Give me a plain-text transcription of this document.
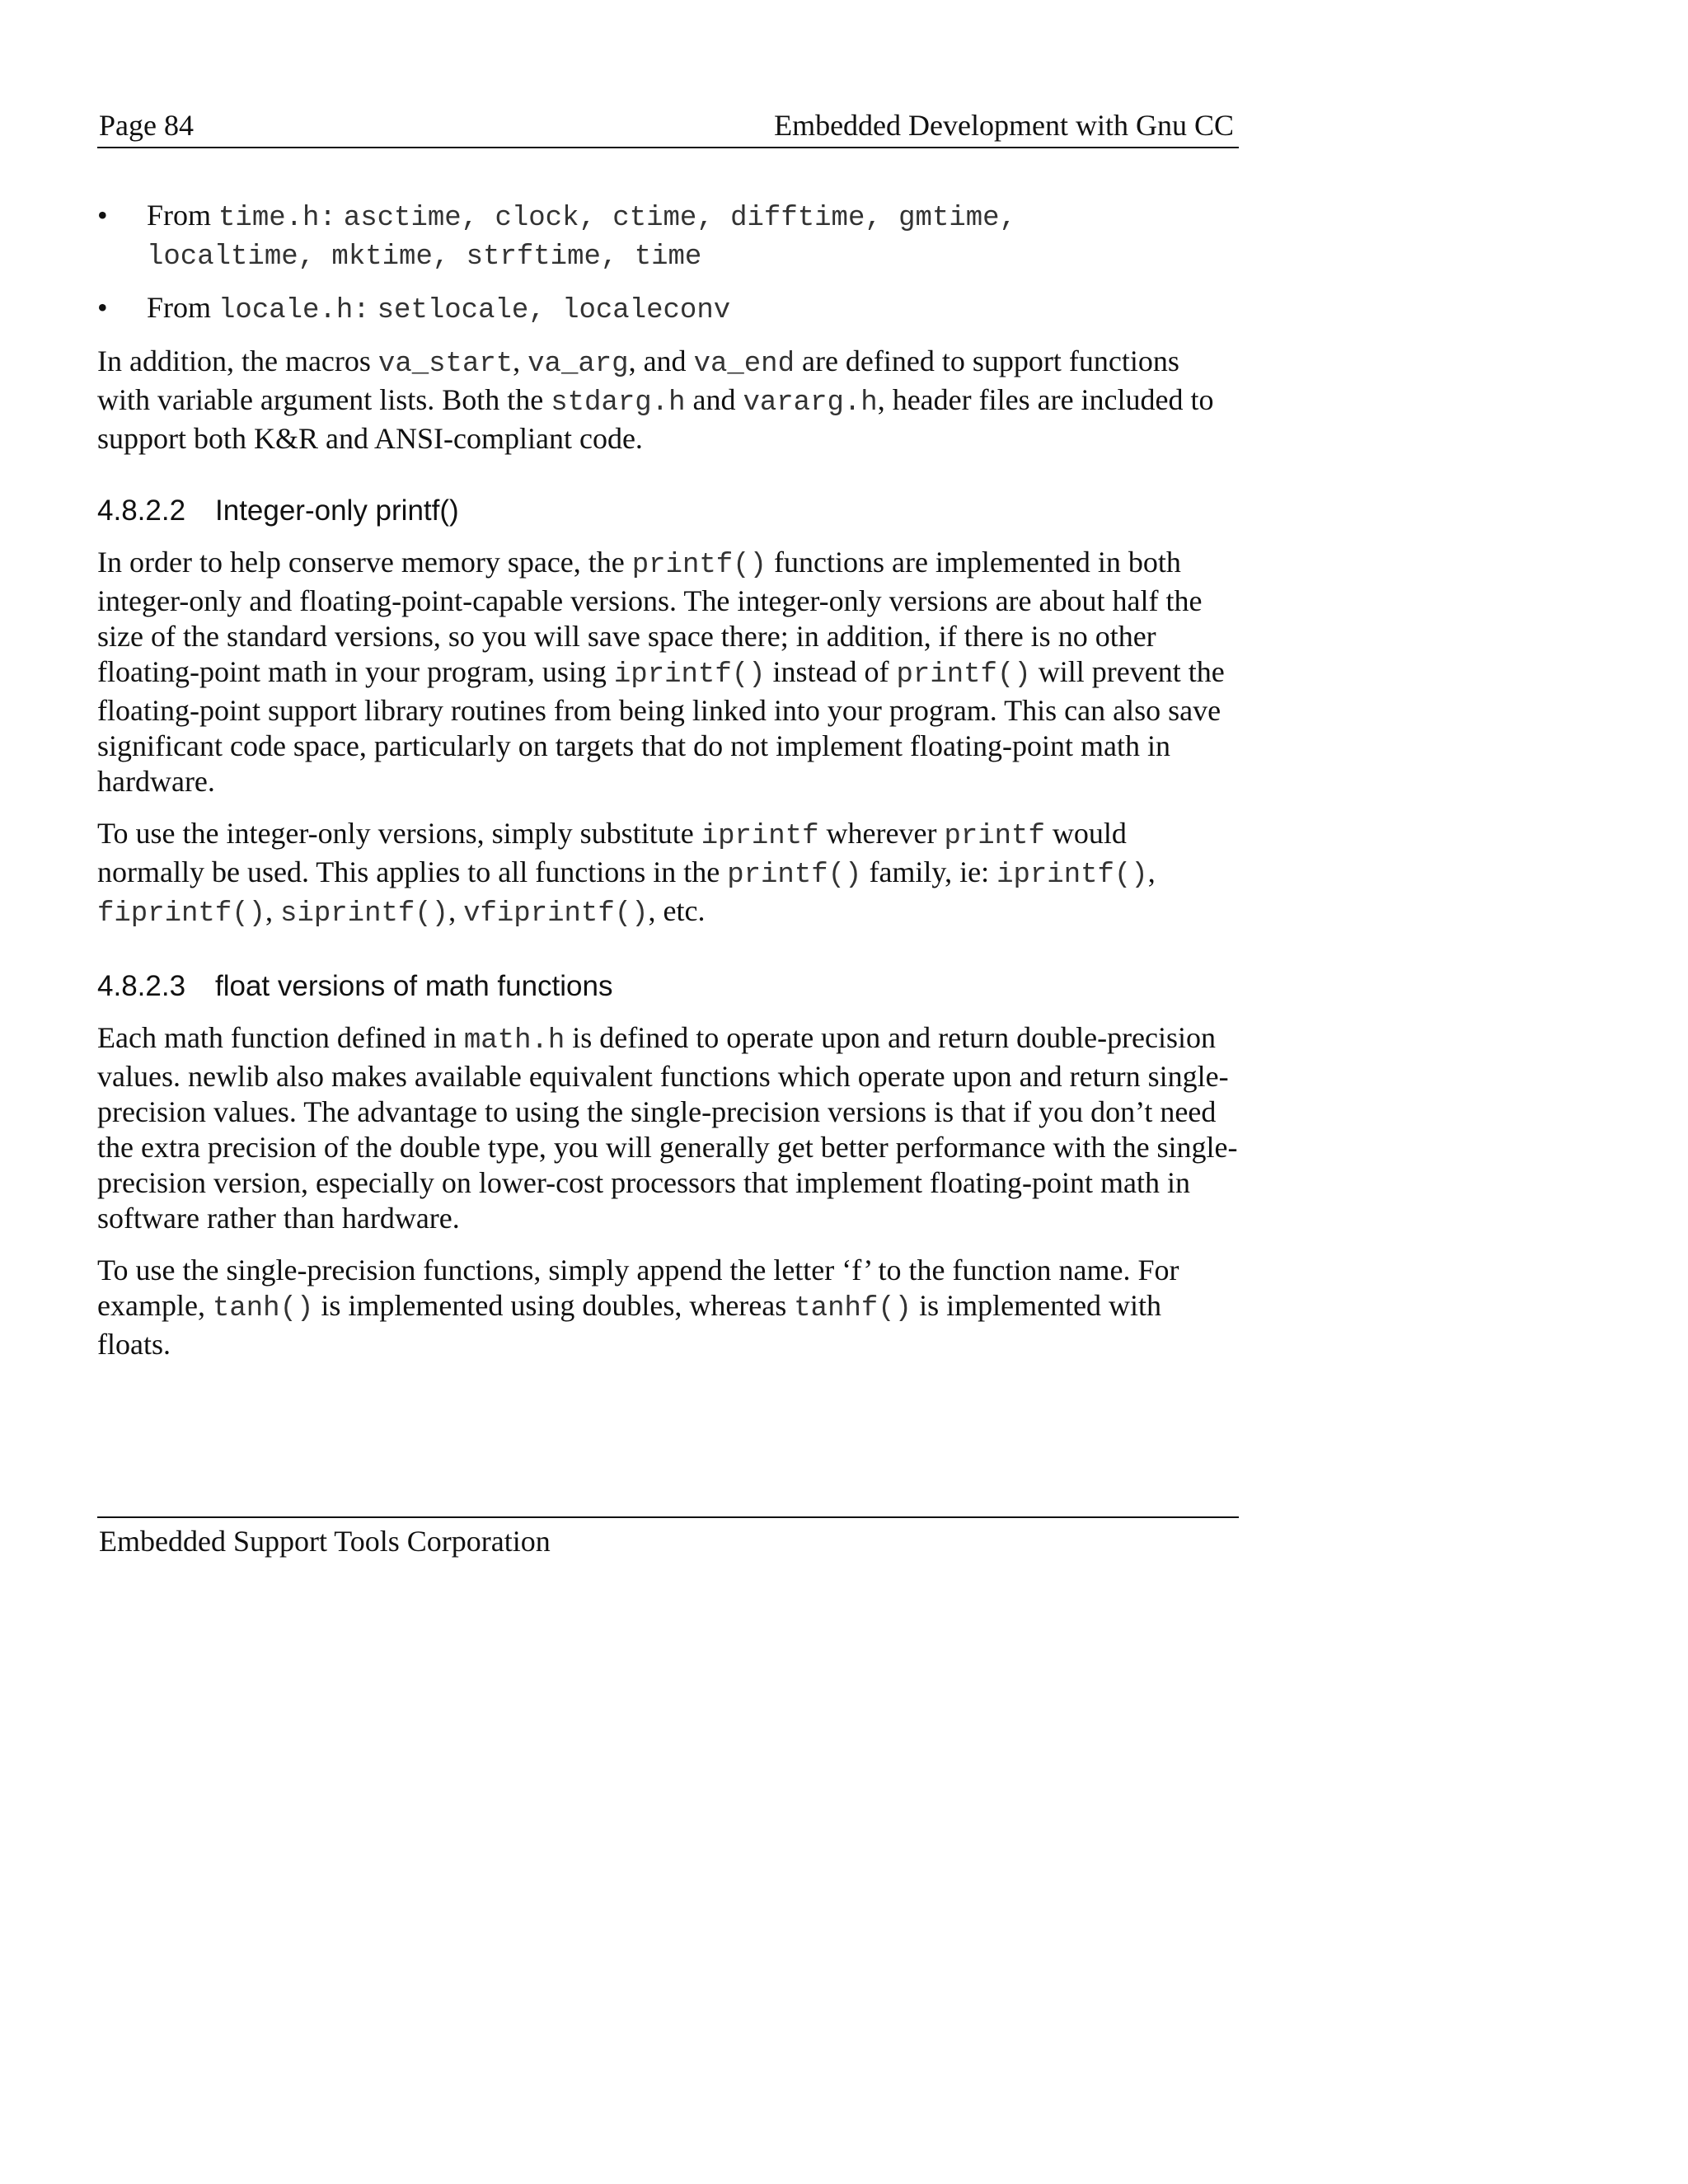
Page 84	Embedded Development with Gnu CC
•	From time.h: asctime, clock, ctime, difftime, gmtime,
localtime, mktime, strftime, time
•	From locale.h: setlocale, localeconv

In addition, the macros va_start, va_arg, and va_end are defined to support functions with variable argument lists. Both the stdarg.h and vararg.h, header files are included to support both K&R and ANSI-compliant code.

4.8.2.2 Integer-only printf()

In order to help conserve memory space, the printf() functions are implemented in both integer-only and floating-point-capable versions. The integer-only versions are about half the size of the standard versions, so you will save space there; in addition, if there is no other floating-point math in your program, using iprintf() instead of printf() will prevent the floating-point support library routines from being linked into your program. This can also save significant code space, particularly on targets that do not implement floating-point math in hardware.

To use the integer-only versions, simply substitute iprintf wherever printf would normally be used. This applies to all functions in the printf() family, ie: iprintf(), fiprintf(), siprintf(), vfiprintf(), etc.

4.8.2.3 float versions of math functions

Each math function defined in math.h is defined to operate upon and return double-precision values. newlib also makes available equivalent functions which operate upon and return single-precision values. The advantage to using the single-precision versions is that if you don’t need the extra precision of the double type, you will generally get better performance with the single-precision version, especially on lower-cost processors that implement floating-point math in software rather than hardware.

To use the single-precision functions, simply append the letter ‘f’ to the function name. For example, tanh() is implemented using doubles, whereas tanhf() is implemented with floats.

Embedded Support Tools Corporation
